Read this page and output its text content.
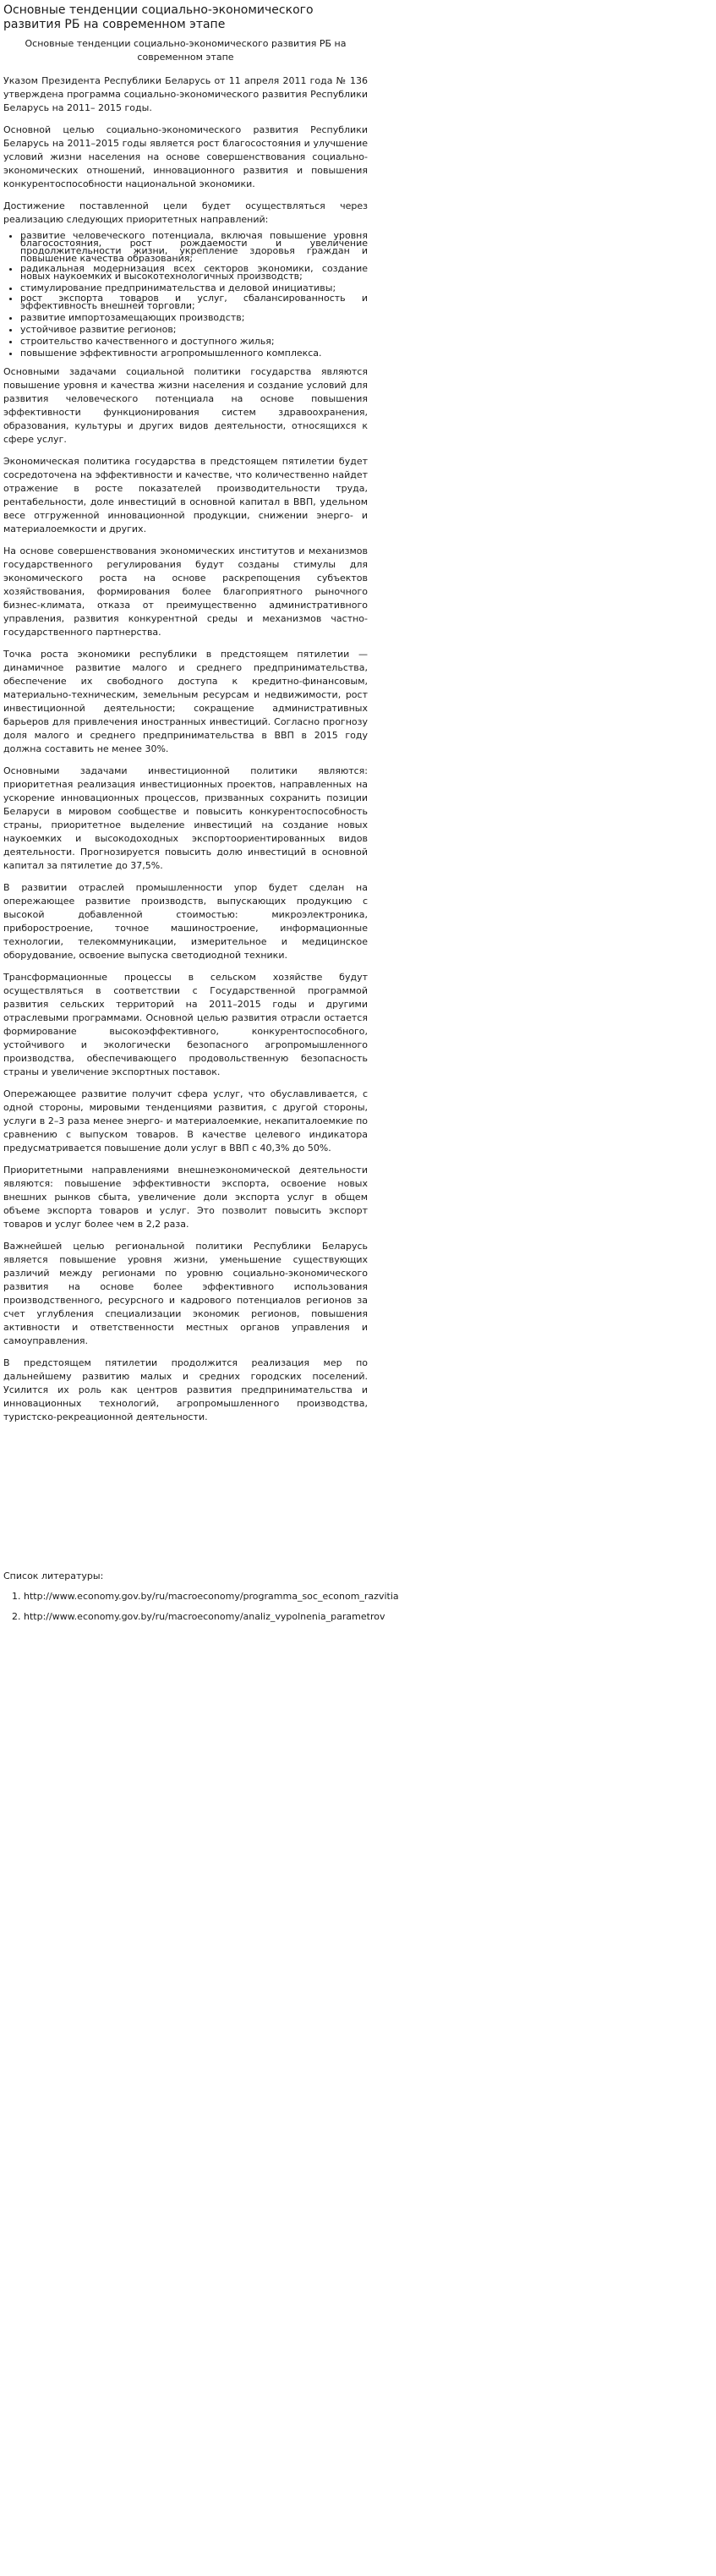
Основные тенденции социально-экономического развития РБ на современном этапе
Основные тенденции социально-экономического развития РБ на современном этапе

Указом Президента Республики Беларусь от 11 апреля 2011 года № 136 утверждена программа социально-экономического развития Республики Беларусь на 2011– 2015 годы.

Основной целью социально-экономического развития Республики Беларусь на 2011–2015 годы является рост благосостояния и улучшение условий жизни населения на основе совершенствования социально-экономических отношений, инновационного развития и повышения конкурентоспособности национальной экономики.

Достижение поставленной цели будет осуществляться через реализацию следующих приоритетных направлений:

• развитие человеческого потенциала, включая повышение уровня благосостояния, рост рождаемости и увеличение продолжительности жизни, укрепление здоровья граждан и повышение качества образования;
• радикальная модернизация всех секторов экономики, создание новых наукоемких и высокотехнологичных производств;
• стимулирование предпринимательства и деловой инициативы;
• рост экспорта товаров и услуг, сбалансированность и эффективность внешней торговли;
• развитие импортозамещающих производств;
• устойчивое развитие регионов;
• строительство качественного и доступного жилья;
• повышение эффективности агропромышленного комплекса.

Основными задачами социальной политики государства являются повышение уровня и качества жизни населения и создание условий для развития человеческого потенциала на основе повышения эффективности функционирования систем здравоохранения, образования, культуры и других видов деятельности, относящихся к сфере услуг.

Экономическая политика государства в предстоящем пятилетии будет сосредоточена на эффективности и качестве, что количественно найдет отражение в росте показателей производительности труда, рентабельности, доле инвестиций в основной капитал в ВВП, удельном весе отгруженной инновационной продукции, снижении энерго- и материалоемкости и других.

На основе совершенствования экономических институтов и механизмов государственного регулирования будут созданы стимулы для экономического роста на основе раскрепощения субъектов хозяйствования, формирования более благоприятного рыночного бизнес-климата, отказа от преимущественно административного управления, развития конкурентной среды и механизмов частно-государственного партнерства.

Точка роста экономики республики в предстоящем пятилетии — динамичное развитие малого и среднего предпринимательства, обеспечение их свободного доступа к кредитно-финансовым, материально-техническим, земельным ресурсам и недвижимости, рост инвестиционной деятельности; сокращение административных барьеров для привлечения иностранных инвестиций. Согласно прогнозу доля малого и среднего предпринимательства в ВВП в 2015 году должна составить не менее 30%.

Основными задачами инвестиционной политики являются: приоритетная реализация инвестиционных проектов, направленных на ускорение инновационных процессов, призванных сохранить позиции Беларуси в мировом сообществе и повысить конкурентоспособность страны, приоритетное выделение инвестиций на создание новых наукоемких и высокодоходных экспортоориентированных видов деятельности. Прогнозируется повысить долю инвестиций в основной капитал за пятилетие до 37,5%.

В развитии отраслей промышленности упор будет сделан на опережающее развитие производств, выпускающих продукцию с высокой добавленной стоимостью: микроэлектроника, приборостроение, точное машиностроение, информационные технологии, телекоммуникации, измерительное и медицинское оборудование, освоение выпуска светодиодной техники.

Трансформационные процессы в сельском хозяйстве будут осуществляться в соответствии с Государственной программой развития сельских территорий на 2011–2015 годы и другими отраслевыми программами. Основной целью развития отрасли остается формирование высокоэффективного, конкурентоспособного, устойчивого и экологически безопасного агропромышленного производства, обеспечивающего продовольственную безопасность страны и увеличение экспортных поставок.

Опережающее развитие получит сфера услуг, что обуславливается, с одной стороны, мировыми тенденциями развития, с другой стороны, услуги в 2–3 раза менее энерго- и материалоемкие, некапиталоемкие по сравнению с выпуском товаров. В качестве целевого индикатора предусматривается повышение доли услуг в ВВП с 40,3% до 50%.

Приоритетными направлениями внешнеэкономической деятельности являются: повышение эффективности экспорта, освоение новых внешних рынков сбыта, увеличение доли экспорта услуг в общем объеме экспорта товаров и услуг. Это позволит повысить экспорт товаров и услуг более чем в 2,2 раза.

Важнейшей целью региональной политики Республики Беларусь является повышение уровня жизни, уменьшение существующих различий между регионами по уровню социально-экономического развития на основе более эффективного использования производственного, ресурсного и кадрового потенциалов регионов за счет углубления специализации экономик регионов, повышения активности и ответственности местных органов управления и самоуправления.

В предстоящем пятилетии продолжится реализация мер по дальнейшему развитию малых и средних городских поселений. Усилится их роль как центров развития предпринимательства и инновационных технологий, агропромышленного производства, туристско-рекреационной деятельности.

Список литературы:
1. http://www.economy.gov.by/ru/macroeconomy/programma_soc_econom_razvitia
2. http://www.economy.gov.by/ru/macroeconomy/analiz_vypolnenia_parametrov
